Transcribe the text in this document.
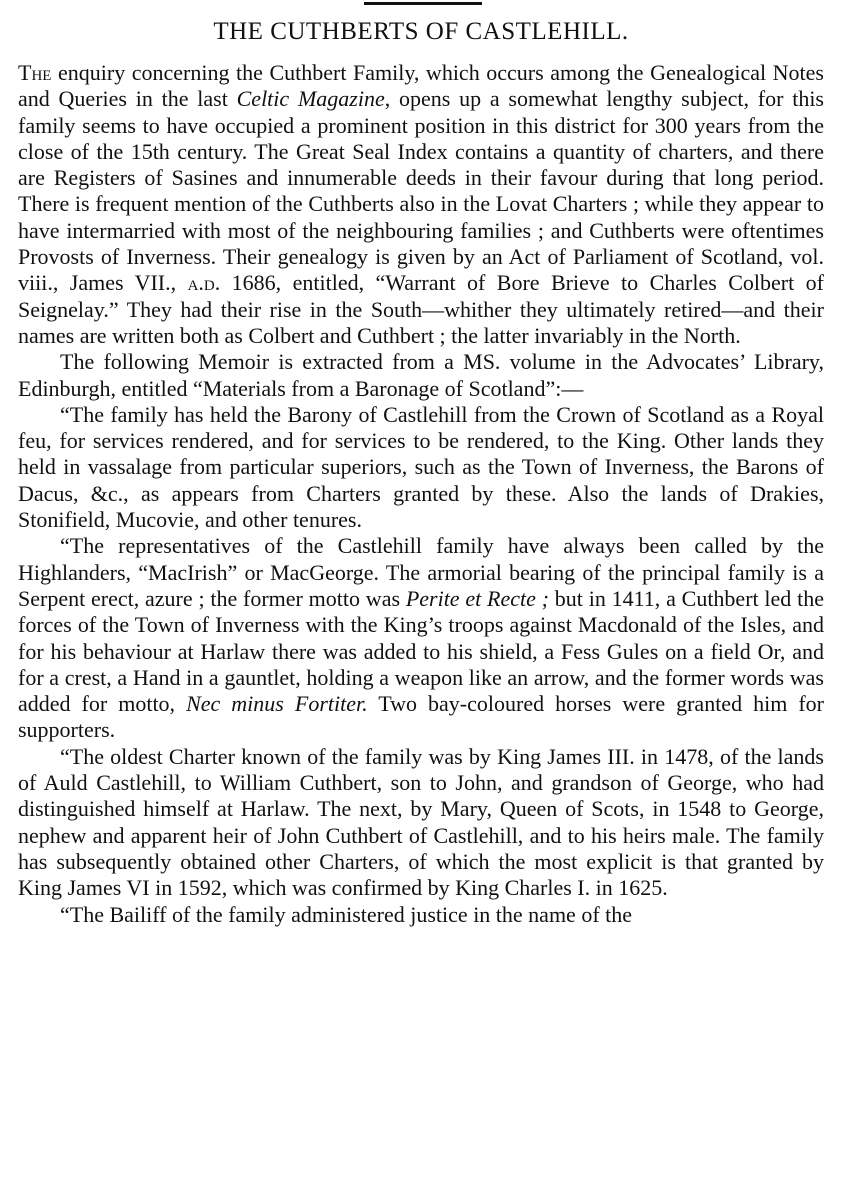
THE CUTHBERTS OF CASTLEHILL.

The enquiry concerning the Cuthbert Family, which occurs among the Genealogical Notes and Queries in the last Celtic Magazine, opens up a somewhat lengthy subject, for this family seems to have occupied a prominent position in this district for 300 years from the close of the 15th century. The Great Seal Index contains a quantity of charters, and there are Registers of Sasines and innumerable deeds in their favour during that long period. There is frequent mention of the Cuthberts also in the Lovat Charters ; while they appear to have intermarried with most of the neighbouring families ; and Cuthberts were oftentimes Provosts of Inverness. Their genealogy is given by an Act of Parliament of Scotland, vol. viii., James VII., a.d. 1686, entitled, “Warrant of Bore Brieve to Charles Colbert of Seignelay.” They had their rise in the South—whither they ultimately retired—and their names are written both as Colbert and Cuthbert ; the latter invariably in the North.

The following Memoir is extracted from a MS. volume in the Advocates’ Library, Edinburgh, entitled “Materials from a Baronage of Scotland”:—

“The family has held the Barony of Castlehill from the Crown of Scotland as a Royal feu, for services rendered, and for services to be rendered, to the King. Other lands they held in vassalage from particular superiors, such as the Town of Inverness, the Barons of Dacus, &c., as appears from Charters granted by these. Also the lands of Drakies, Stonifield, Mucovie, and other tenures.

“The representatives of the Castlehill family have always been called by the Highlanders, “MacIrish” or MacGeorge. The armorial bearing of the principal family is a Serpent erect, azure ; the former motto was Perite et Recte ; but in 1411, a Cuthbert led the forces of the Town of Inverness with the King’s troops against Macdonald of the Isles, and for his behaviour at Harlaw there was added to his shield, a Fess Gules on a field Or, and for a crest, a Hand in a gauntlet, holding a weapon like an arrow, and the former words was added for motto, Nec minus Fortiter. Two bay-coloured horses were granted him for supporters.

“The oldest Charter known of the family was by King James III. in 1478, of the lands of Auld Castlehill, to William Cuthbert, son to John, and grandson of George, who had distinguished himself at Harlaw. The next, by Mary, Queen of Scots, in 1548 to George, nephew and apparent heir of John Cuthbert of Castlehill, and to his heirs male. The family has subsequently obtained other Charters, of which the most explicit is that granted by King James VI in 1592, which was confirmed by King Charles I. in 1625.

“The Bailiff of the family administered justice in the name of the
